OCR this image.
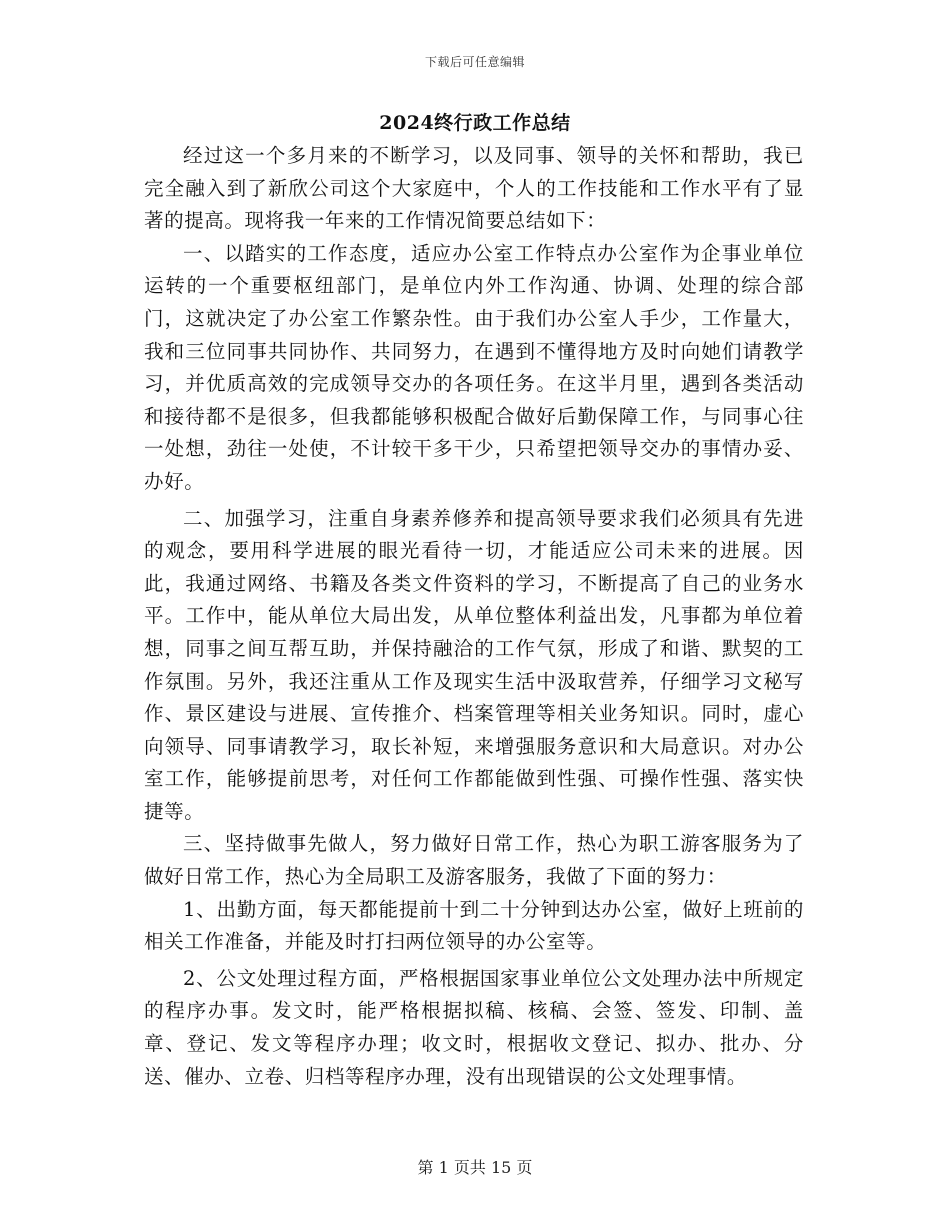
下载后可任意编辑
2024终行政工作总结

经过这一个多月来的不断学习，以及同事、领导的关怀和帮助，我已完全融入到了新欣公司这个大家庭中，个人的工作技能和工作水平有了显著的提高。现将我一年来的工作情况简要总结如下：

一、以踏实的工作态度，适应办公室工作特点办公室作为企事业单位运转的一个重要枢纽部门，是单位内外工作沟通、协调、处理的综合部门，这就决定了办公室工作繁杂性。由于我们办公室人手少，工作量大，我和三位同事共同协作、共同努力，在遇到不懂得地方及时向她们请教学习，并优质高效的完成领导交办的各项任务。在这半月里，遇到各类活动和接待都不是很多，但我都能够积极配合做好后勤保障工作，与同事心往一处想，劲往一处使，不计较干多干少，只希望把领导交办的事情办妥、办好。

二、加强学习，注重自身素养修养和提高领导要求我们必须具有先进的观念，要用科学进展的眼光看待一切，才能适应公司未来的进展。因此，我通过网络、书籍及各类文件资料的学习，不断提高了自己的业务水平。工作中，能从单位大局出发，从单位整体利益出发，凡事都为单位着想，同事之间互帮互助，并保持融洽的工作气氛，形成了和谐、默契的工作氛围。另外，我还注重从工作及现实生活中汲取营养，仔细学习文秘写作、景区建设与进展、宣传推介、档案管理等相关业务知识。同时，虚心向领导、同事请教学习，取长补短，来增强服务意识和大局意识。对办公室工作，能够提前思考，对任何工作都能做到性强、可操作性强、落实快捷等。

三、坚持做事先做人，努力做好日常工作，热心为职工游客服务为了做好日常工作，热心为全局职工及游客服务，我做了下面的努力：

1、出勤方面，每天都能提前十到二十分钟到达办公室，做好上班前的相关工作准备，并能及时打扫两位领导的办公室等。

2、公文处理过程方面，严格根据国家事业单位公文处理办法中所规定的程序办事。发文时，能严格根据拟稿、核稿、会签、签发、印制、盖章、登记、发文等程序办理；收文时，根据收文登记、拟办、批办、分送、催办、立卷、归档等程序办理，没有出现错误的公文处理事情。

第 1 页共 15 页
